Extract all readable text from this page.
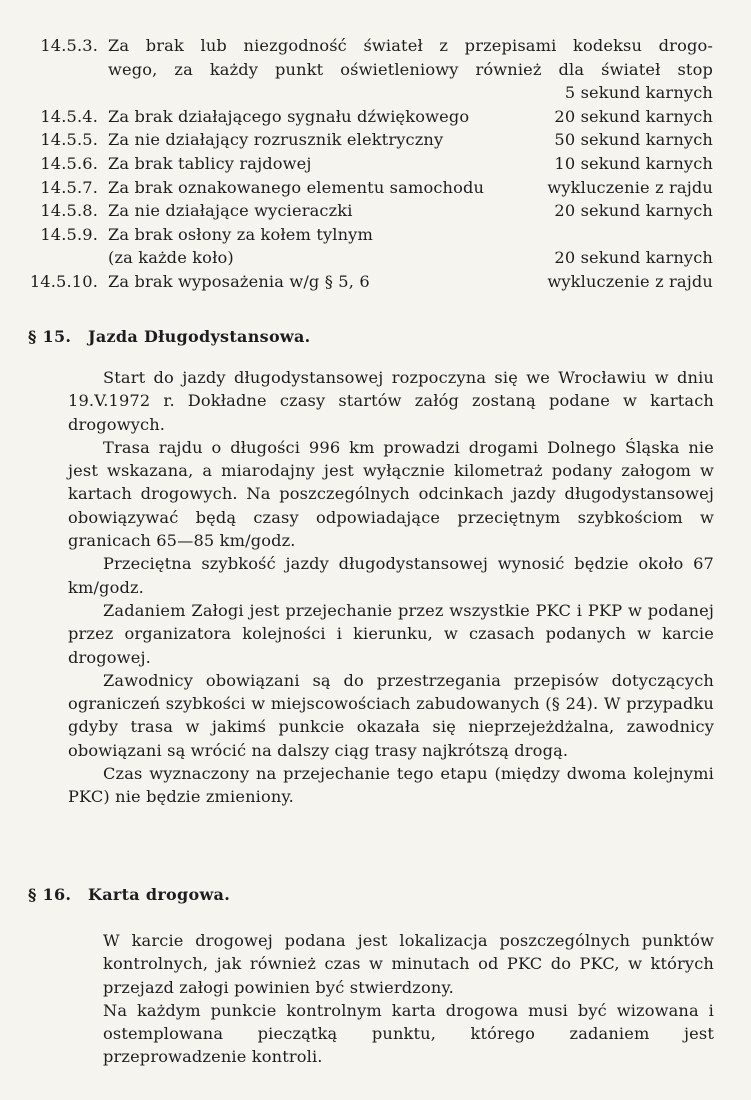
14.5.3. Za brak lub niezgodność świateł z przepisami kodeksu drogo-
wego, za każdy punkt oświetleniowy również dla świateł stop
5 sekund karnych
14.5.4. Za brak działającego sygnału dźwiękowego	20 sekund karnych
14.5.5. Za nie działający rozrusznik elektryczny	50 sekund karnych
14.5.6. Za brak tablicy rajdowej	10 sekund karnych
14.5.7. Za brak oznakowanego elementu samochodu	wykluczenie z rajdu
14.5.8. Za nie działające wycieraczki	20 sekund karnych
14.5.9. Za brak osłony za kołem tylnym
(za każde koło)	20 sekund karnych
14.5.10. Za brak wyposażenia w/g § 5, 6	wykluczenie z rajdu
§ 15. Jazda Długodystansowa.

Start do jazdy długodystansowej rozpoczyna się we Wrocławiu w dniu 19.V.1972 r. Dokładne czasy startów załóg zostaną podane w kartach drogowych.

Trasa rajdu o długości 996 km prowadzi drogami Dolnego Śląska nie jest wskazana, a miarodajny jest wyłącznie kilometraż podany załogom w kartach drogowych. Na poszczególnych odcinkach jazdy długodystansowej obowiązywać będą czasy odpowiadające przeciętnym szybkościom w granicach 65—85 km/godz.

Przeciętna szybkość jazdy długodystansowej wynosić będzie około 67 km/godz.

Zadaniem Załogi jest przejechanie przez wszystkie PKC i PKP w podanej przez organizatora kolejności i kierunku, w czasach podanych w karcie drogowej.

Zawodnicy obowiązani są do przestrzegania przepisów dotyczących ograniczeń szybkości w miejscowościach zabudowanych (§ 24). W przypadku gdyby trasa w jakimś punkcie okazała się nieprzejeżdżalna, zawodnicy obowiązani są wrócić na dalszy ciąg trasy najkrótszą drogą.

Czas wyznaczony na przejechanie tego etapu (między dwoma kolejnymi PKC) nie będzie zmieniony.

§ 16. Karta drogowa.

W karcie drogowej podana jest lokalizacja poszczególnych punktów kontrolnych, jak również czas w minutach od PKC do PKC, w których przejazd załogi powinien być stwierdzony.

Na każdym punkcie kontrolnym karta drogowa musi być wizowana i ostemplowana pieczątką punktu, którego zadaniem jest przeprowadzenie kontroli.
